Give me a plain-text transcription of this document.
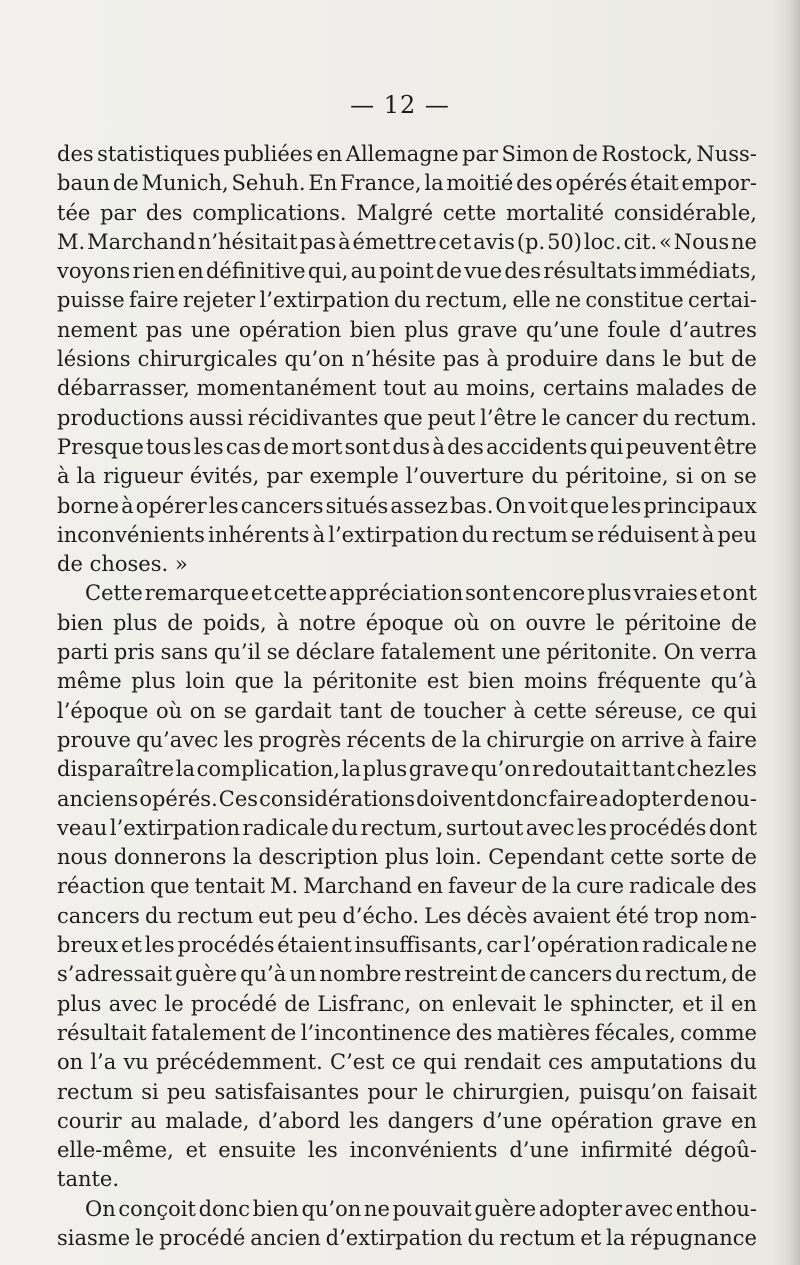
— 12 —
des statistiques publiées en Allemagne par Simon de Rostock, Nuss-
baun de Munich, Sehuh. En France, la moitié des opérés était empor-
tée par des complications. Malgré cette mortalité considérable,
M. Marchand n’hésitait pas à émettre cet avis (p. 50) loc. cit. « Nous ne
voyons rien en définitive qui, au point de vue des résultats immédiats,
puisse faire rejeter l’extirpation du rectum, elle ne constitue certai-
nement pas une opération bien plus grave qu’une foule d’autres
lésions chirurgicales qu’on n’hésite pas à produire dans le but de
débarrasser, momentanément tout au moins, certains malades de
productions aussi récidivantes que peut l’être le cancer du rectum.
Presque tous les cas de mort sont dus à des accidents qui peuvent être
à la rigueur évités, par exemple l’ouverture du péritoine, si on se
borne à opérer les cancers situés assez bas. On voit que les principaux
inconvénients inhérents à l’extirpation du rectum se réduisent à peu
de choses. »
Cette remarque et cette appréciation sont encore plus vraies et ont
bien plus de poids, à notre époque où on ouvre le péritoine de
parti pris sans qu’il se déclare fatalement une péritonite. On verra
même plus loin que la péritonite est bien moins fréquente qu’à
l’époque où on se gardait tant de toucher à cette séreuse, ce qui
prouve qu’avec les progrès récents de la chirurgie on arrive à faire
disparaître la complication, la plus grave qu’on redoutait tant chez les
anciens opérés. Ces considérations doivent donc faire adopter de nou-
veau l’extirpation radicale du rectum, surtout avec les procédés dont
nous donnerons la description plus loin. Cependant cette sorte de
réaction que tentait M. Marchand en faveur de la cure radicale des
cancers du rectum eut peu d’écho. Les décès avaient été trop nom-
breux et les procédés étaient insuffisants, car l’opération radicale ne
s’adressait guère qu’à un nombre restreint de cancers du rectum, de
plus avec le procédé de Lisfranc, on enlevait le sphincter, et il en
résultait fatalement de l’incontinence des matières fécales, comme
on l’a vu précédemment. C’est ce qui rendait ces amputations du
rectum si peu satisfaisantes pour le chirurgien, puisqu’on faisait
courir au malade, d’abord les dangers d’une opération grave en
elle-même, et ensuite les inconvénients d’une infirmité dégoû-
tante.
On conçoit donc bien qu’on ne pouvait guère adopter avec enthou-
siasme le procédé ancien d’extirpation du rectum et la répugnance
